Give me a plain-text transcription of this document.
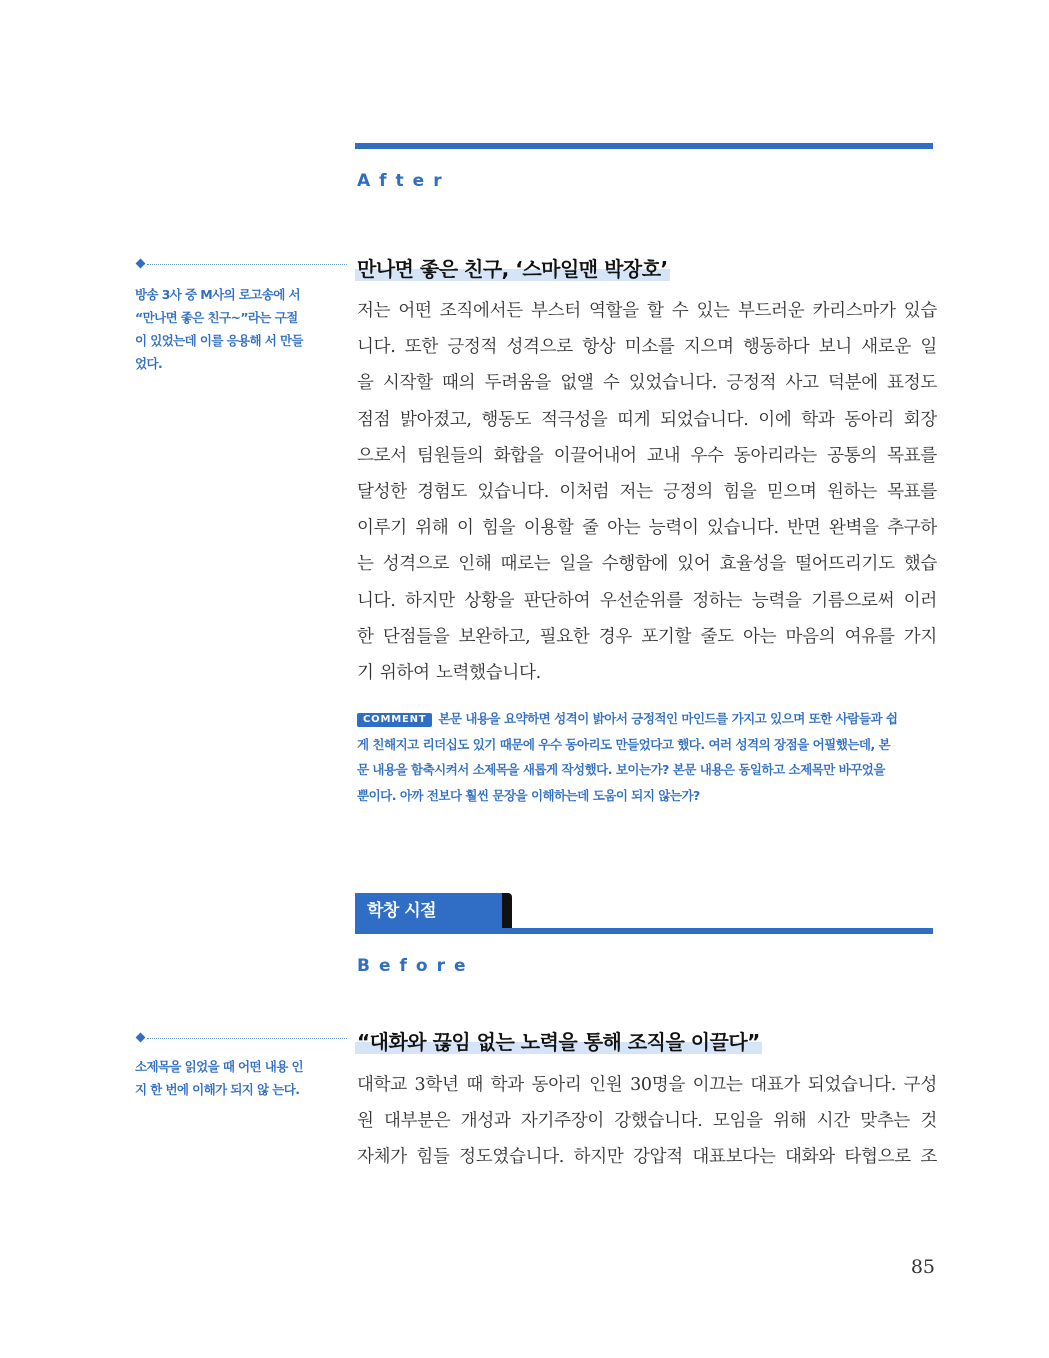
After
방송 3사 중 M사의 로고송에 서 “만나면 좋은 친구~”라는 구절이 있었는데 이를 응용해 서 만들었다.
만나면 좋은 친구, ‘스마일맨 박장호’
저는 어떤 조직에서든 부스터 역할을 할 수 있는 부드러운 카리스마가 있습
니다. 또한 긍정적 성격으로 항상 미소를 지으며 행동하다 보니 새로운 일
을 시작할 때의 두려움을 없앨 수 있었습니다. 긍정적 사고 덕분에 표정도
점점 밝아졌고, 행동도 적극성을 띠게 되었습니다. 이에 학과 동아리 회장
으로서 팀원들의 화합을 이끌어내어 교내 우수 동아리라는 공통의 목표를
달성한 경험도 있습니다. 이처럼 저는 긍정의 힘을 믿으며 원하는 목표를
이루기 위해 이 힘을 이용할 줄 아는 능력이 있습니다. 반면 완벽을 추구하
는 성격으로 인해 때로는 일을 수행함에 있어 효율성을 떨어뜨리기도 했습
니다. 하지만 상황을 판단하여 우선순위를 정하는 능력을 기름으로써 이러
한 단점들을 보완하고, 필요한 경우 포기할 줄도 아는 마음의 여유를 가지
기 위하여 노력했습니다.
COMMENT 본문 내용을 요약하면 성격이 밝아서 긍정적인 마인드를 가지고 있으며 또한 사람들과 쉽
게 친해지고 리더십도 있기 때문에 우수 동아리도 만들었다고 했다. 여러 성격의 장점을 어필했는데, 본
문 내용을 함축시켜서 소제목을 새롭게 작성했다. 보이는가? 본문 내용은 동일하고 소제목만 바꾸었을
뿐이다. 아까 전보다 훨씬 문장을 이해하는데 도움이 되지 않는가?
학창 시절
Before
소제목을 읽었을 때 어떤 내용 인지 한 번에 이해가 되지 않 는다.
“대화와 끊임 없는 노력을 통해 조직을 이끌다”
대학교 3학년 때 학과 동아리 인원 30명을 이끄는 대표가 되었습니다. 구성
원 대부분은 개성과 자기주장이 강했습니다. 모임을 위해 시간 맞추는 것
자체가 힘들 정도였습니다. 하지만 강압적 대표보다는 대화와 타협으로 조
85
